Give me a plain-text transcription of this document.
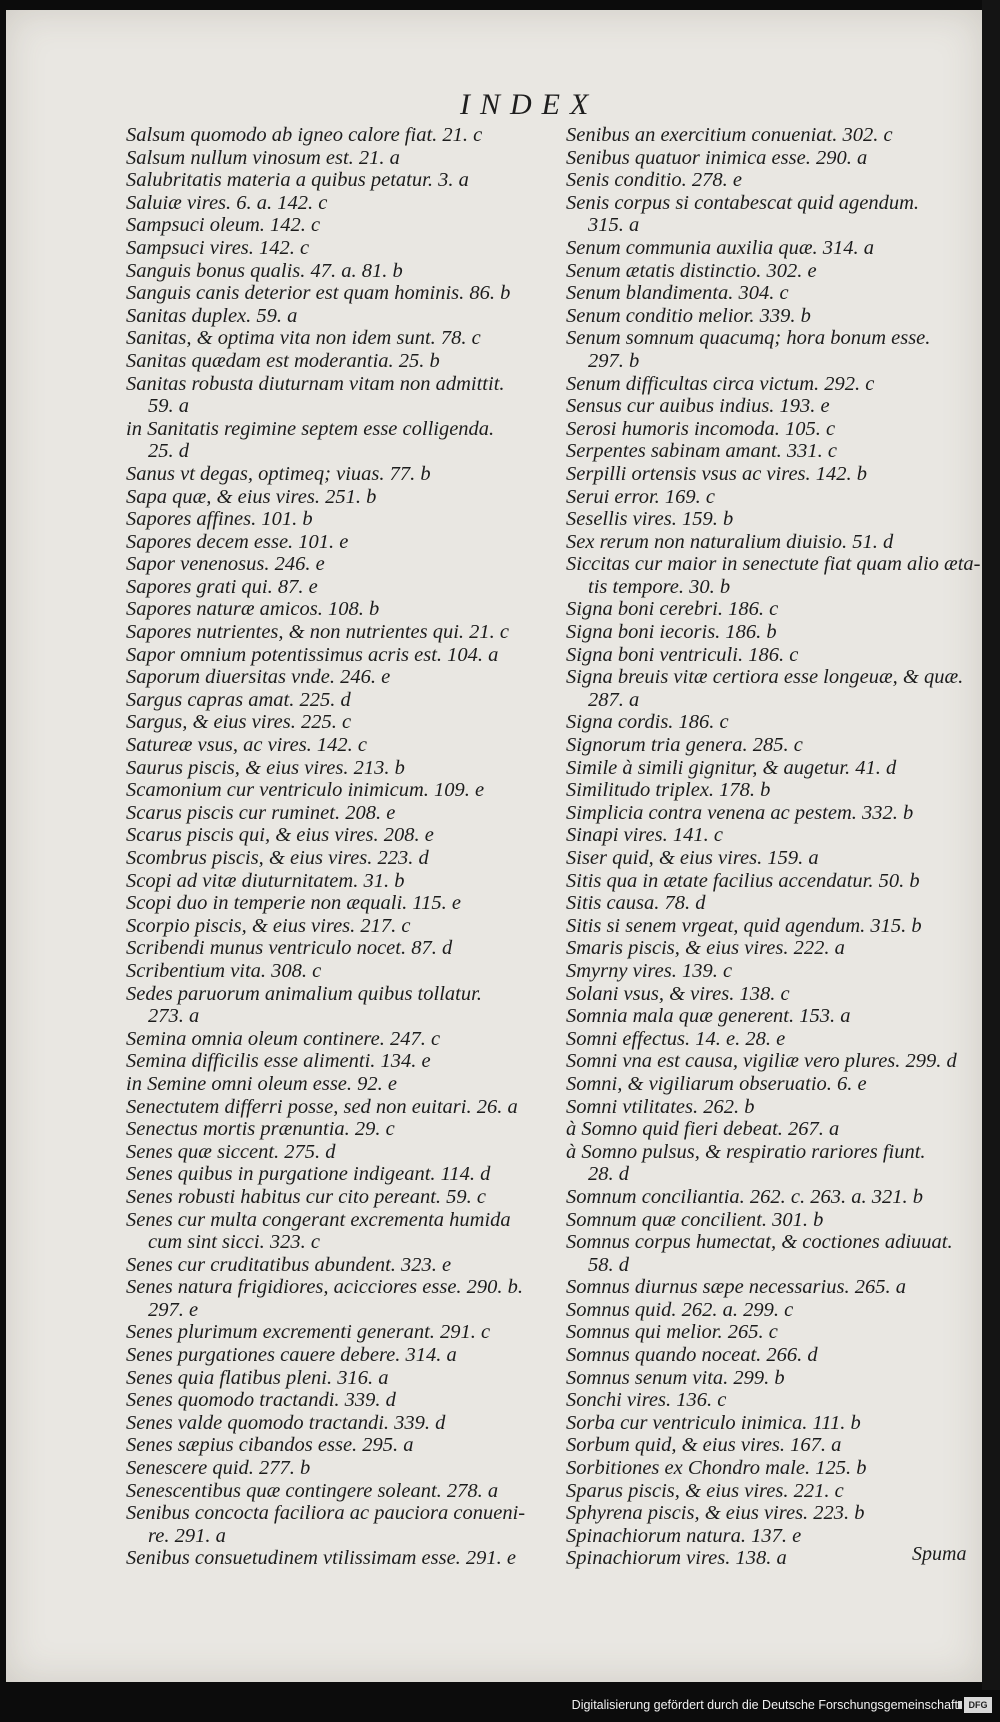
INDEX
Salsum quomodo ab igneo calore fiat. 21. c
Salsum nullum vinosum est. 21. a
Salubritatis materia a quibus petatur. 3. a
Saluiæ vires. 6. a. 142. c
Sampsuci oleum. 142. c
Sampsuci vires. 142. c
Sanguis bonus qualis. 47. a. 81. b
Sanguis canis deterior est quam hominis. 86. b
Sanitas duplex. 59. a
Sanitas, & optima vita non idem sunt. 78. c
Sanitas quædam est moderantia. 25. b
Sanitas robusta diuturnam vitam non admittit.
59. a
in Sanitatis regimine septem esse colligenda.
25. d
Sanus vt degas, optimeq; viuas. 77. b
Sapa quæ, & eius vires. 251. b
Sapores affines. 101. b
Sapores decem esse. 101. e
Sapor venenosus. 246. e
Sapores grati qui. 87. e
Sapores naturæ amicos. 108. b
Sapores nutrientes, & non nutrientes qui. 21. c
Sapor omnium potentissimus acris est. 104. a
Saporum diuersitas vnde. 246. e
Sargus capras amat. 225. d
Sargus, & eius vires. 225. c
Satureæ vsus, ac vires. 142. c
Saurus piscis, & eius vires. 213. b
Scamonium cur ventriculo inimicum. 109. e
Scarus piscis cur ruminet. 208. e
Scarus piscis qui, & eius vires. 208. e
Scombrus piscis, & eius vires. 223. d
Scopi ad vitæ diuturnitatem. 31. b
Scopi duo in temperie non æquali. 115. e
Scorpio piscis, & eius vires. 217. c
Scribendi munus ventriculo nocet. 87. d
Scribentium vita. 308. c
Sedes paruorum animalium quibus tollatur.
273. a
Semina omnia oleum continere. 247. c
Semina difficilis esse alimenti. 134. e
in Semine omni oleum esse. 92. e
Senectutem differri posse, sed non euitari. 26. a
Senectus mortis prænuntia. 29. c
Senes quæ siccent. 275. d
Senes quibus in purgatione indigeant. 114. d
Senes robusti habitus cur cito pereant. 59. c
Senes cur multa congerant excrementa humida
cum sint sicci. 323. c
Senes cur cruditatibus abundent. 323. e
Senes natura frigidiores, acicciores esse. 290. b.
297. e
Senes plurimum excrementi generant. 291. c
Senes purgationes cauere debere. 314. a
Senes quia flatibus pleni. 316. a
Senes quomodo tractandi. 339. d
Senes valde quomodo tractandi. 339. d
Senes sæpius cibandos esse. 295. a
Senescere quid. 277. b
Senescentibus quæ contingere soleant. 278. a
Senibus concocta faciliora ac pauciora conueni-
re. 291. a
Senibus consuetudinem vtilissimam esse. 291. e
Senibus an exercitium conueniat. 302. c
Senibus quatuor inimica esse. 290. a
Senis conditio. 278. e
Senis corpus si contabescat quid agendum.
315. a
Senum communia auxilia quæ. 314. a
Senum ætatis distinctio. 302. e
Senum blandimenta. 304. c
Senum conditio melior. 339. b
Senum somnum quacumq; hora bonum esse.
297. b
Senum difficultas circa victum. 292. c
Sensus cur auibus indius. 193. e
Serosi humoris incomoda. 105. c
Serpentes sabinam amant. 331. c
Serpilli ortensis vsus ac vires. 142. b
Serui error. 169. c
Sesellis vires. 159. b
Sex rerum non naturalium diuisio. 51. d
Siccitas cur maior in senectute fiat quam alio æta-
tis tempore. 30. b
Signa boni cerebri. 186. c
Signa boni iecoris. 186. b
Signa boni ventriculi. 186. c
Signa breuis vitæ certiora esse longeuæ, & quæ.
287. a
Signa cordis. 186. c
Signorum tria genera. 285. c
Simile à simili gignitur, & augetur. 41. d
Similitudo triplex. 178. b
Simplicia contra venena ac pestem. 332. b
Sinapi vires. 141. c
Siser quid, & eius vires. 159. a
Sitis qua in ætate facilius accendatur. 50. b
Sitis causa. 78. d
Sitis si senem vrgeat, quid agendum. 315. b
Smaris piscis, & eius vires. 222. a
Smyrny vires. 139. c
Solani vsus, & vires. 138. c
Somnia mala quæ generent. 153. a
Somni effectus. 14. e. 28. e
Somni vna est causa, vigiliæ vero plures. 299. d
Somni, & vigiliarum obseruatio. 6. e
Somni vtilitates. 262. b
à Somno quid fieri debeat. 267. a
à Somno pulsus, & respiratio rariores fiunt.
28. d
Somnum conciliantia. 262. c. 263. a. 321. b
Somnum quæ concilient. 301. b
Somnus corpus humectat, & coctiones adiuuat.
58. d
Somnus diurnus sæpe necessarius. 265. a
Somnus quid. 262. a. 299. c
Somnus qui melior. 265. c
Somnus quando noceat. 266. d
Somnus senum vita. 299. b
Sonchi vires. 136. c
Sorba cur ventriculo inimica. 111. b
Sorbum quid, & eius vires. 167. a
Sorbitiones ex Chondro male. 125. b
Sparus piscis, & eius vires. 221. c
Sphyrena piscis, & eius vires. 223. b
Spinachiorum natura. 137. e
Spinachiorum vires. 138. a	Spuma
Digitalisierung gefördert durch die Deutsche Forschungsgemeinschaft	DFG
